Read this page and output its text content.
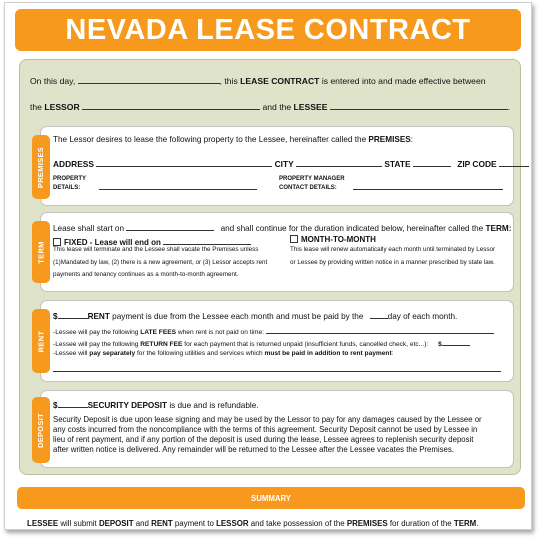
NEVADA LEASE CONTRACT
On this day,	, this LEASE CONTRACT is entered into and made effective between
the LESSOR	and the LESSEE	.
PREMISES
The Lessor desires to lease the following property to the Lessee, hereinafter called the PREMISES:
ADDRESS	CITY	STATE	ZIP CODE
PROPERTY
DETAILS:
PROPERTY MANAGER
CONTACT DETAILS:
TERM
Lease shall start on	and shall continue for the duration indicated below, hereinafter called the TERM:
FIXED - Lease will end on
This lease will terminate and the Lessee shall vacate the Premises unless
(1)Mandated by law, (2) there is a new agreement, or (3) Lessor accepts rent
payments and tenancy continues as a month-to-month agreement.
MONTH-TO-MONTH
This lease will renew automatically each month until terminated by Lessor
or Lessee by providing written notice in a manner prescribed by state law.
RENT
$	RENT payment is due from the Lessee each month and must be paid by the	day of each month.
-Lessee will pay the following LATE FEES when rent is not paid on time:
-Lessee will pay the following RETURN FEE for each payment that is returned unpaid (insufficient funds, cancelled check, etc...): $
-Lessee will pay separately for the following utilities and services which must be paid in addition to rent payment:
DEPOSIT
$	SECURITY DEPOSIT is due and is refundable.
Security Deposit is due upon lease signing and may be used by the Lessor to pay for any damages caused by the Lessee or
any costs incurred from the noncompliance with the terms of this agreement. Security Deposit cannot be used by Lessee in
lieu of rent payment, and if any portion of the deposit is used during the lease, Lessee agrees to replenish security deposit
after written notice is delivered. Any remainder will be returned to the Lessee after the Lessee vacates the Premises.
SUMMARY
LESSEE will submit DEPOSIT and RENT payment to LESSOR and take possession of the PREMISES for duration of the TERM.
